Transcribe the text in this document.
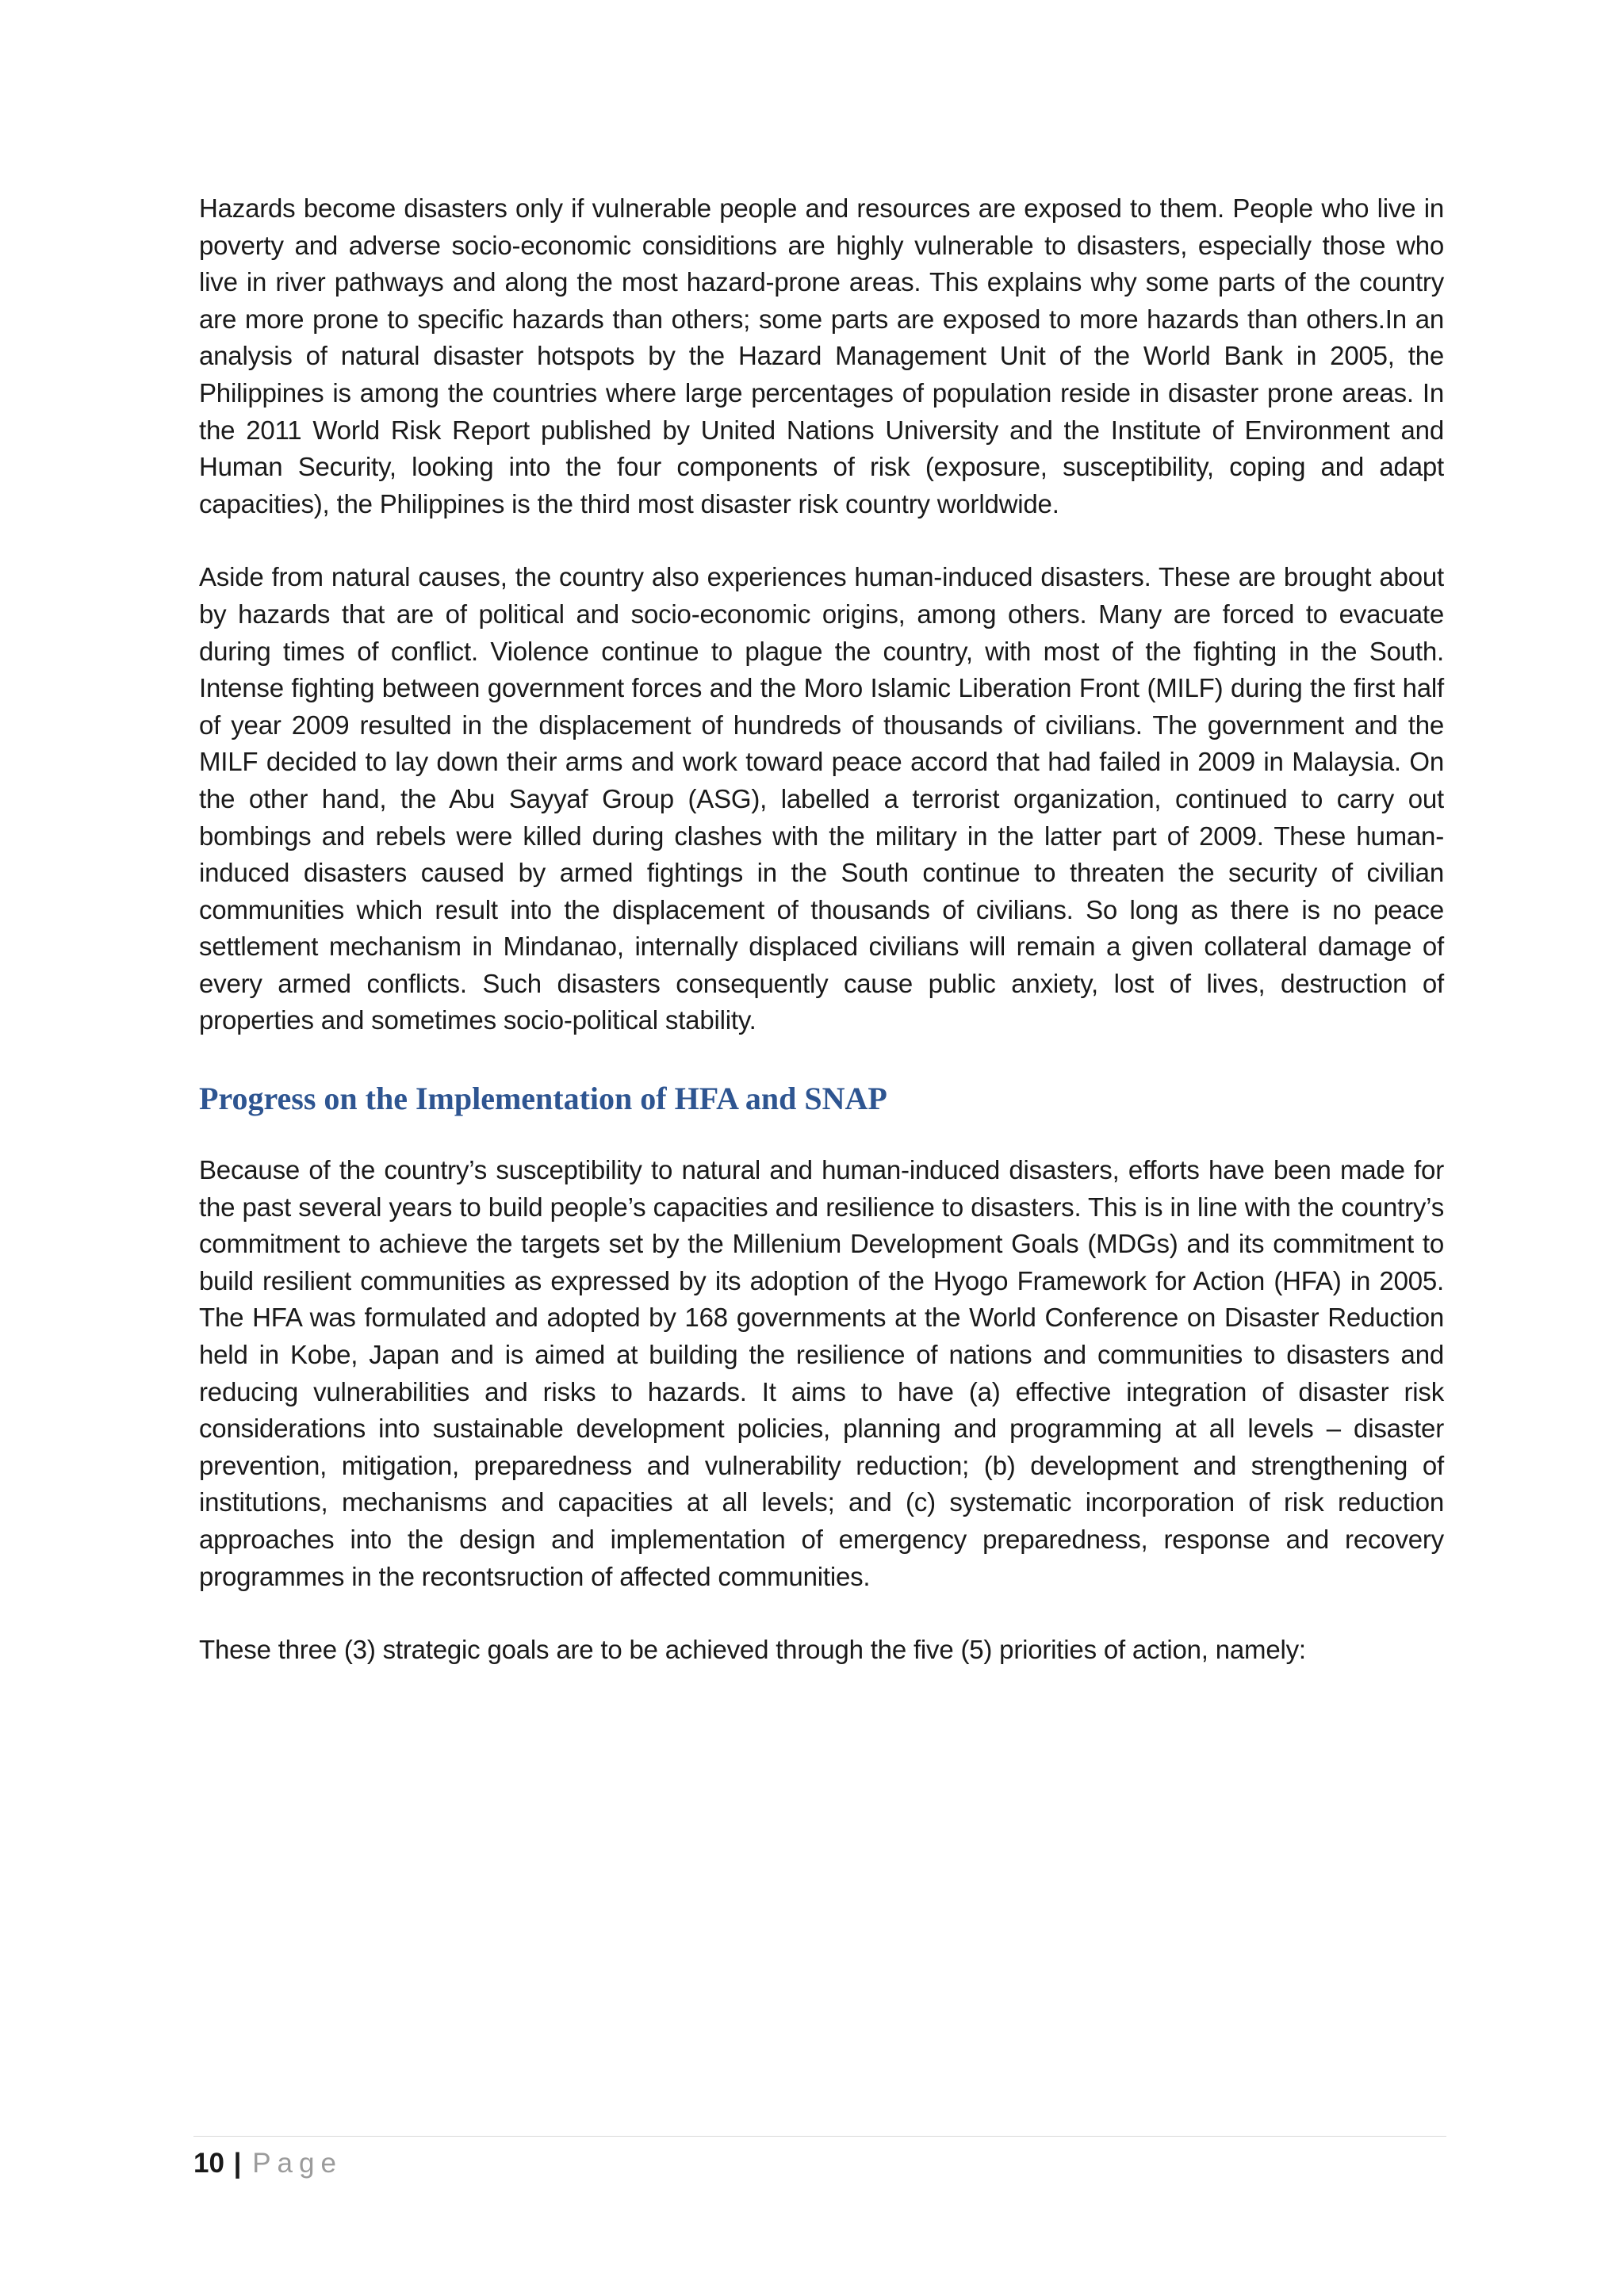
Hazards become disasters only if vulnerable people and resources are exposed to them. People who live in poverty and adverse socio-economic considitions are highly vulnerable to disasters, especially those who live in river pathways and along the most hazard-prone areas. This explains why some parts of the country are more prone to specific hazards than others; some parts are exposed to more hazards than others.In an analysis of natural disaster hotspots by the Hazard Management Unit of the World Bank in 2005, the Philippines is among the countries where large percentages of population reside in disaster prone areas. In the 2011 World Risk Report published by United Nations University and the Institute of Environment and Human Security, looking into the four components of risk (exposure, susceptibility, coping and adapt capacities), the Philippines is the third most disaster risk country worldwide.

Aside from natural causes, the country also experiences human-induced disasters. These are brought about by hazards that are of political and socio-economic origins, among others. Many are forced to evacuate during times of conflict. Violence continue to plague the country, with most of the fighting in the South. Intense fighting between government forces and the Moro Islamic Liberation Front (MILF) during the first half of year 2009 resulted in the displacement of hundreds of thousands of civilians. The government and the MILF decided to lay down their arms and work toward peace accord that had failed in 2009 in Malaysia. On the other hand, the Abu Sayyaf Group (ASG), labelled a terrorist organization, continued to carry out bombings and rebels were killed during clashes with the military in the latter part of 2009. These human-induced disasters caused by armed fightings in the South continue to threaten the security of civilian communities which result into the displacement of thousands of civilians. So long as there is no peace settlement mechanism in Mindanao, internally displaced civilians will remain a given collateral damage of every armed conflicts. Such disasters consequently cause public anxiety, lost of lives, destruction of properties and sometimes socio-political stability.

Progress on the Implementation of HFA and SNAP

Because of the country’s susceptibility to natural and human-induced disasters, efforts have been made for the past several years to build people’s capacities and resilience to disasters. This is in line with the country’s commitment to achieve the targets set by the Millenium Development Goals (MDGs) and its commitment to build resilient communities as expressed by its adoption of the Hyogo Framework for Action (HFA) in 2005. The HFA was formulated and adopted by 168 governments at the World Conference on Disaster Reduction held in Kobe, Japan and is aimed at building the resilience of nations and communities to disasters and reducing vulnerabilities and risks to hazards. It aims to have (a) effective integration of disaster risk considerations into sustainable development policies, planning and programming at all levels – disaster prevention, mitigation, preparedness and vulnerability reduction; (b) development and strengthening of institutions, mechanisms and capacities at all levels; and (c) systematic incorporation of risk reduction approaches into the design and implementation of emergency preparedness, response and recovery programmes in the recontsruction of affected communities.

These three (3) strategic goals are to be achieved through the five (5) priorities of action, namely:

10 | Page
